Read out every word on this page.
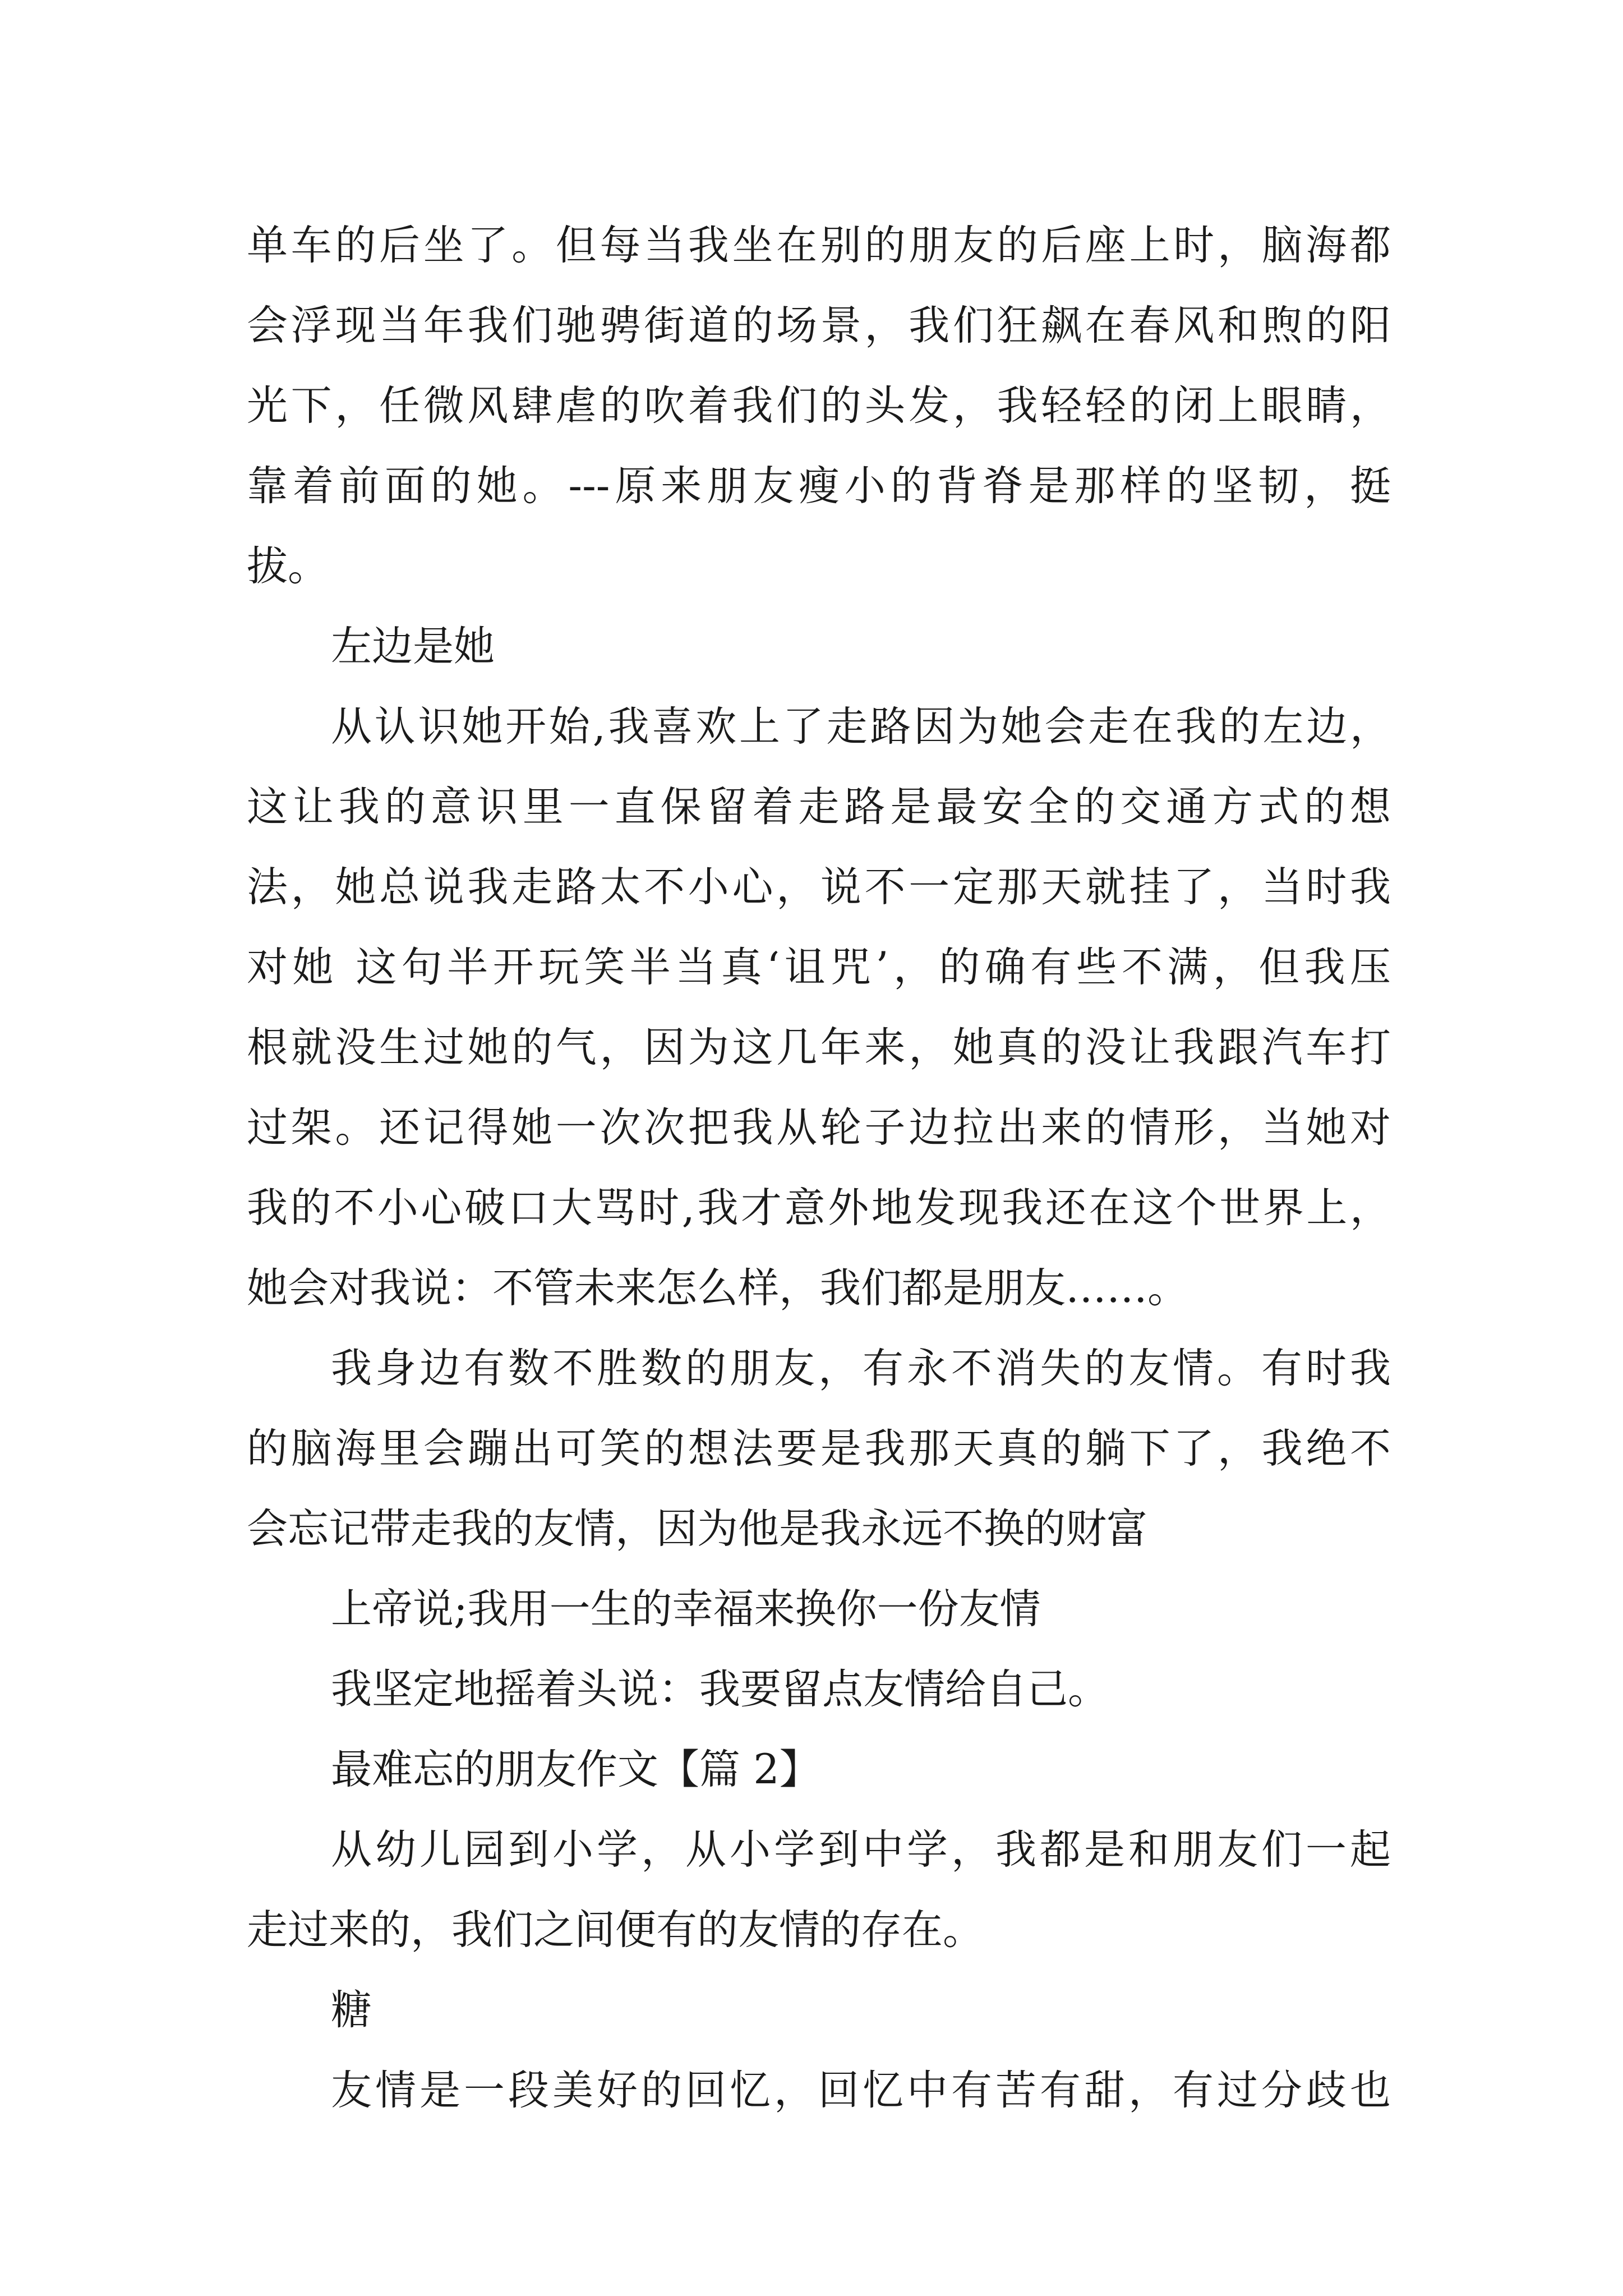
单车的后坐了。但每当我坐在别的朋友的后座上时，脑海都
会浮现当年我们驰骋街道的场景，我们狂飙在春风和煦的阳
光下，任微风肆虐的吹着我们的头发，我轻轻的闭上眼睛，
靠着前面的她。---原来朋友瘦小的背脊是那样的坚韧，挺
拔。
左边是她
从认识她开始,我喜欢上了走路因为她会走在我的左边，
这让我的意识里一直保留着走路是最安全的交通方式的想
法，她总说我走路太不小心，说不一定那天就挂了，当时我
对她 这句半开玩笑半当真‘诅咒’，的确有些不满，但我压
根就没生过她的气，因为这几年来，她真的没让我跟汽车打
过架。还记得她一次次把我从轮子边拉出来的情形，当她对
我的不小心破口大骂时,我才意外地发现我还在这个世界上，
她会对我说：不管未来怎么样，我们都是朋友……。
我身边有数不胜数的朋友，有永不消失的友情。有时我
的脑海里会蹦出可笑的想法要是我那天真的躺下了，我绝不
会忘记带走我的友情，因为他是我永远不换的财富
上帝说;我用一生的幸福来换你一份友情
我坚定地摇着头说：我要留点友情给自己。
最难忘的朋友作文【篇 2】
从幼儿园到小学，从小学到中学，我都是和朋友们一起
走过来的，我们之间便有的友情的存在。
糖
友情是一段美好的回忆，回忆中有苦有甜，有过分歧也
